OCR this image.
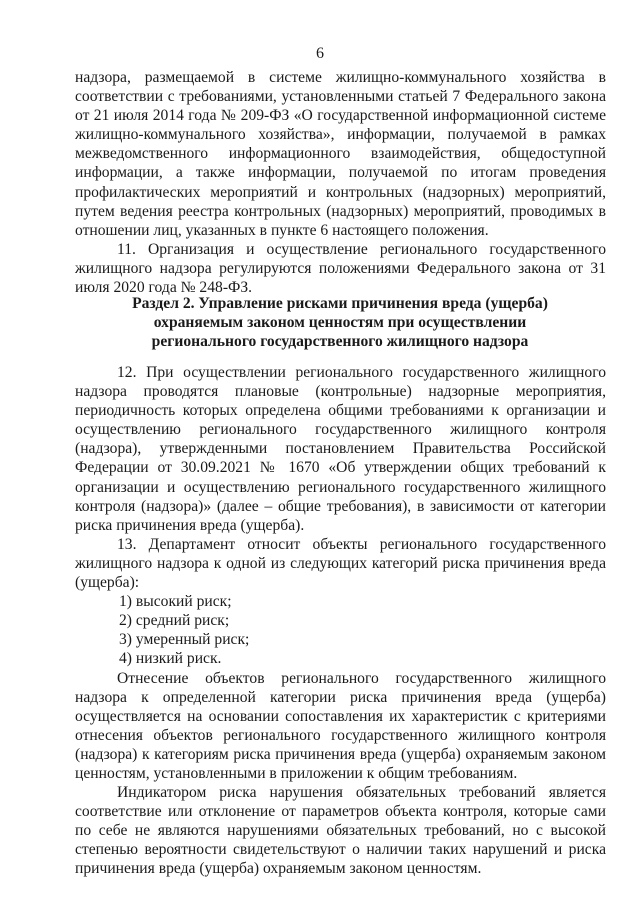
6

надзора, размещаемой в системе жилищно-коммунального хозяйства в соответствии с требованиями, установленными статьей 7 Федерального закона от 21 июля 2014 года № 209-ФЗ «О государственной информационной системе жилищно-коммунального хозяйства», информации, получаемой в рамках межведомственного информационного взаимодействия, общедоступной информации, а также информации, получаемой по итогам проведения профилактических мероприятий и контрольных (надзорных) мероприятий, путем ведения реестра контрольных (надзорных) мероприятий, проводимых в отношении лиц, указанных в пункте 6 настоящего положения.

11. Организация и осуществление регионального государственного жилищного надзора регулируются положениями Федерального закона от 31 июля 2020 года № 248-ФЗ.

Раздел 2. Управление рисками причинения вреда (ущерба)
охраняемым законом ценностям при осуществлении
регионального государственного жилищного надзора

12. При осуществлении регионального государственного жилищного надзора проводятся плановые (контрольные) надзорные мероприятия, периодичность которых определена общими требованиями к организации и осуществлению регионального государственного жилищного контроля (надзора), утвержденными постановлением Правительства Российской Федерации от 30.09.2021 № 1670 «Об утверждении общих требований к организации и осуществлению регионального государственного жилищного контроля (надзора)» (далее – общие требования), в зависимости от категории риска причинения вреда (ущерба).

13. Департамент относит объекты регионального государственного жилищного надзора к одной из следующих категорий риска причинения вреда (ущерба):

1) высокий риск;
2) средний риск;
3) умеренный риск;
4) низкий риск.

Отнесение объектов регионального государственного жилищного надзора к определенной категории риска причинения вреда (ущерба) осуществляется на основании сопоставления их характеристик с критериями отнесения объектов регионального государственного жилищного контроля (надзора) к категориям риска причинения вреда (ущерба) охраняемым законом ценностям, установленными в приложении к общим требованиям.

Индикатором риска нарушения обязательных требований является соответствие или отклонение от параметров объекта контроля, которые сами по себе не являются нарушениями обязательных требований, но с высокой степенью вероятности свидетельствуют о наличии таких нарушений и риска причинения вреда (ущерба) охраняемым законом ценностям.
